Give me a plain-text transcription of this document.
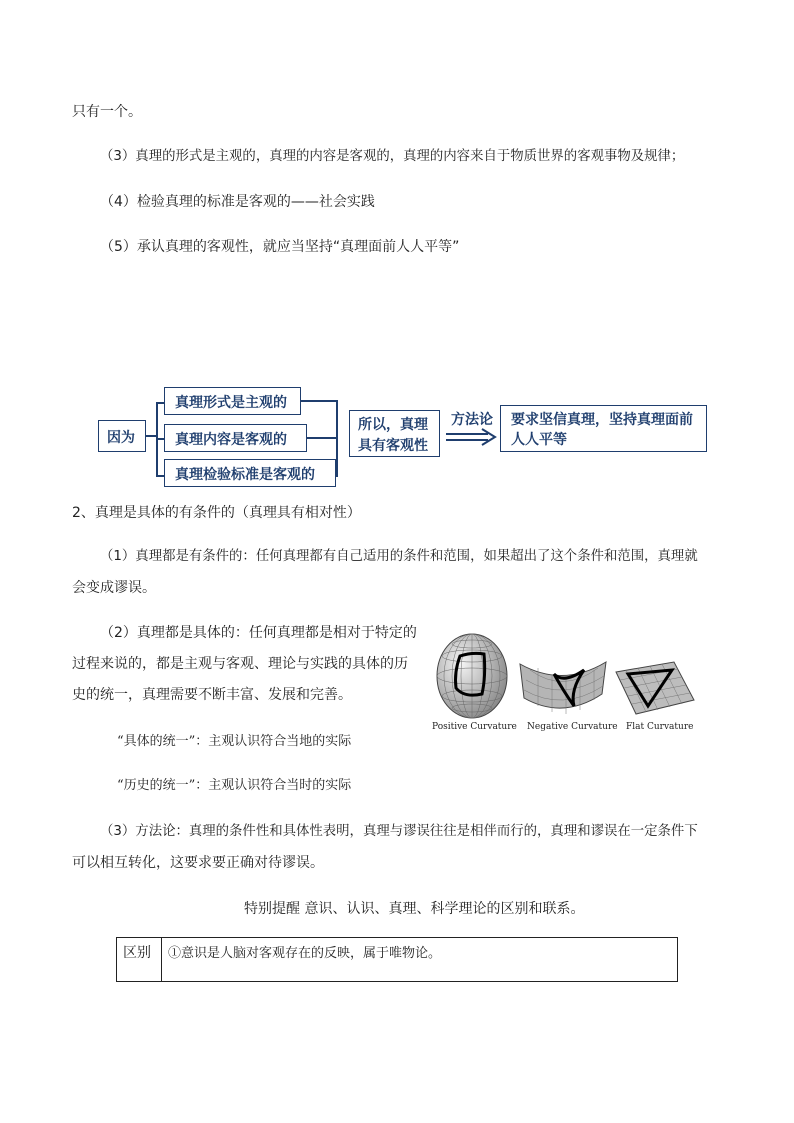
只有一个。
（3）真理的形式是主观的，真理的内容是客观的，真理的内容来自于物质世界的客观事物及规律；
（4）检验真理的标准是客观的——社会实践
（5）承认真理的客观性，就应当坚持“真理面前人人平等”
因为
真理形式是主观的
真理内容是客观的
真理检验标准是客观的
所以，真理
具有客观性
方法论 要求坚信真理，坚持真理面前
人人平等
2、真理是具体的有条件的（真理具有相对性）
（1）真理都是有条件的：任何真理都有自己适用的条件和范围，如果超出了这个条件和范围，真理就
会变成谬误。
（2）真理都是具体的：任何真理都是相对于特定的
过程来说的，都是主观与客观、理论与实践的具体的历
史的统一，真理需要不断丰富、发展和完善。
“具体的统一”：主观认识符合当地的实际
“历史的统一”：主观认识符合当时的实际
Positive Curvature Negative Curvature Flat Curvature
（3）方法论：真理的条件性和具体性表明，真理与谬误往往是相伴而行的，真理和谬误在一定条件下
可以相互转化，这要求要正确对待谬误。
特别提醒 意识、认识、真理、科学理论的区别和联系。
区别	①意识是人脑对客观存在的反映，属于唯物论。
